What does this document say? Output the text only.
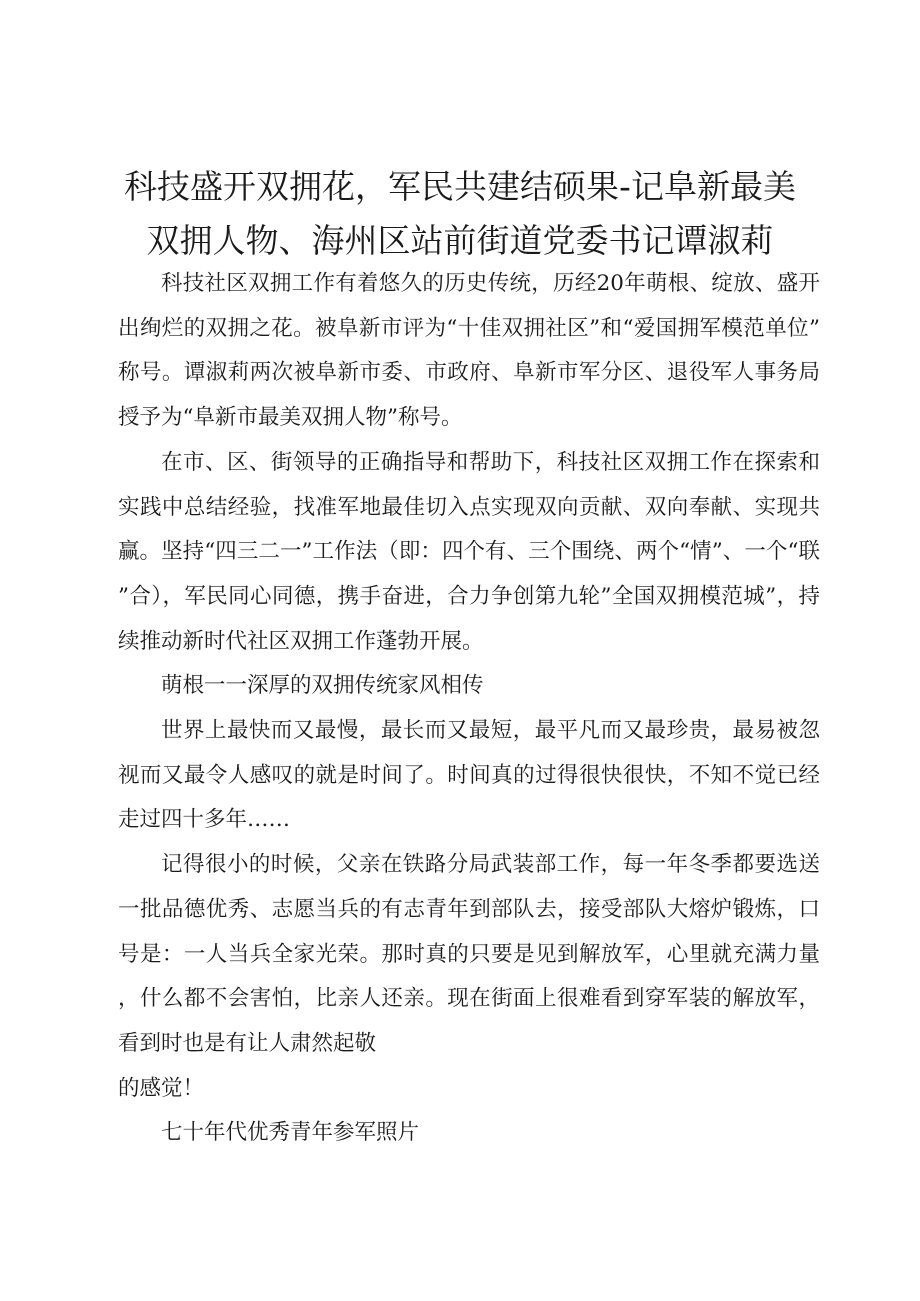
科技盛开双拥花，军民共建结硕果-记阜新最美
双拥人物、海州区站前街道党委书记谭淑莉

科技社区双拥工作有着悠久的历史传统，历经20年萌根、绽放、盛开出绚烂的双拥之花。被阜新市评为“十佳双拥社区”和“爱国拥军模范单位”称号。谭淑莉两次被阜新市委、市政府、阜新市军分区、退役军人事务局授予为“阜新市最美双拥人物”称号。

在市、区、街领导的正确指导和帮助下，科技社区双拥工作在探索和实践中总结经验，找准军地最佳切入点实现双向贡献、双向奉献、实现共赢。坚持“四三二一”工作法（即：四个有、三个围绕、两个“情”、一个“联”合），军民同心同德，携手奋进，合力争创第九轮”全国双拥模范城”，持续推动新时代社区双拥工作蓬勃开展。

萌根一一深厚的双拥传统家风相传

世界上最快而又最慢，最长而又最短，最平凡而又最珍贵，最易被忽视而又最令人感叹的就是时间了。时间真的过得很快很快，不知不觉已经走过四十多年……

记得很小的时候，父亲在铁路分局武装部工作，每一年冬季都要选送一批品德优秀、志愿当兵的有志青年到部队去，接受部队大熔炉锻炼，口号是：一人当兵全家光荣。那时真的只要是见到解放军，心里就充满力量，什么都不会害怕，比亲人还亲。现在街面上很难看到穿军装的解放军，看到时也是有让人肃然起敬

的感觉！

七十年代优秀青年参军照片
